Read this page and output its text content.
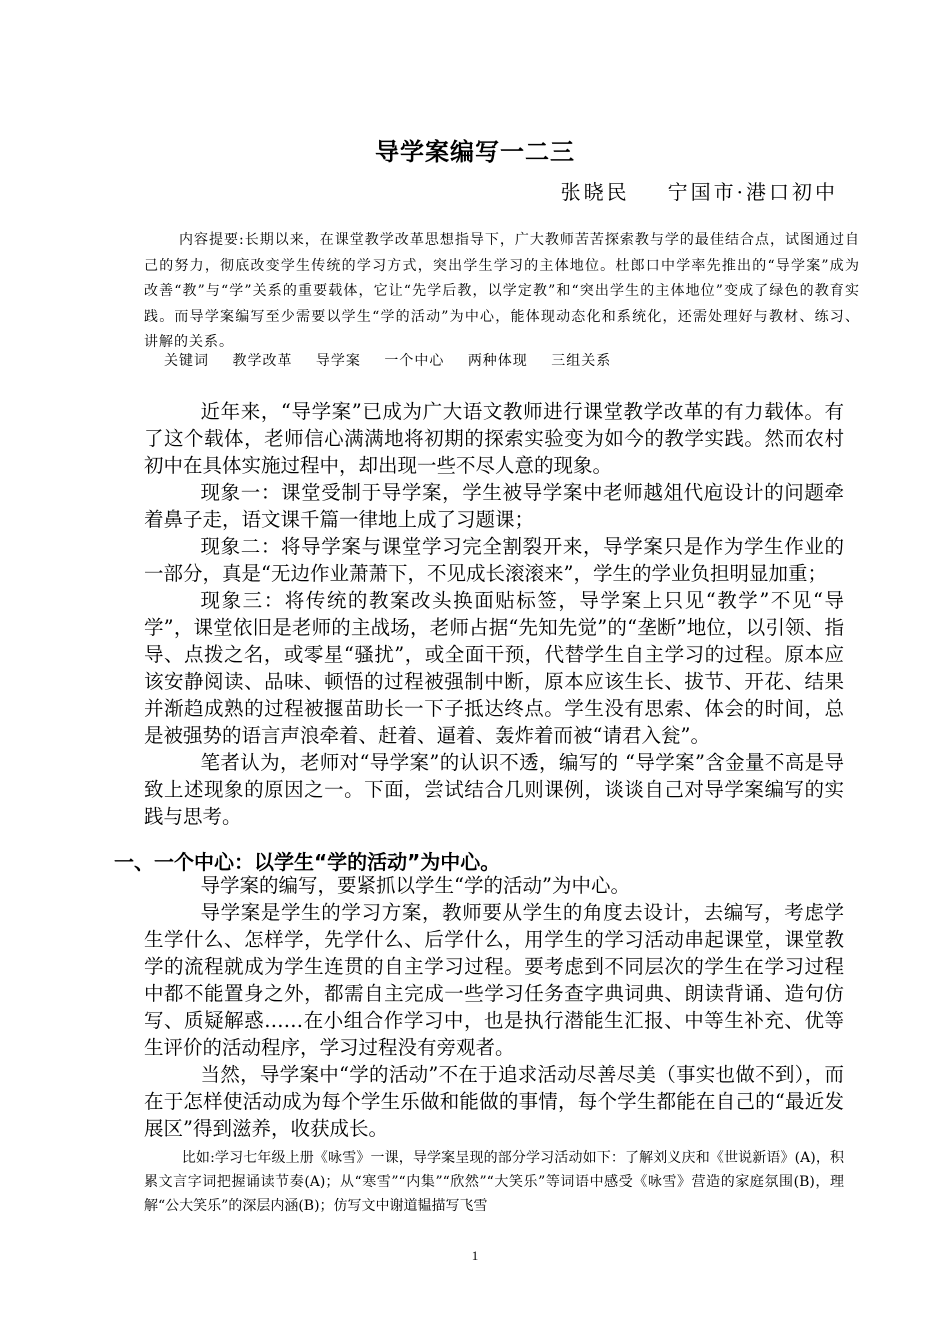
导学案编写一二三
张晓民 宁国市·港口初中

内容提要:长期以来，在课堂教学改革思想指导下，广大教师苦苦探索教与学的最佳结合点，试图通过自己的努力，彻底改变学生传统的学习方式，突出学生学习的主体地位。杜郎口中学率先推出的“导学案”成为改善“教”与“学”关系的重要载体，它让“先学后教，以学定教”和“突出学生的主体地位”变成了绿色的教育实践。而导学案编写至少需要以学生“学的活动”为中心，能体现动态化和系统化，还需处理好与教材、练习、讲解的关系。

关键词 教学改革 导学案 一个中心 两种体现 三组关系

近年来，“导学案”已成为广大语文教师进行课堂教学改革的有力载体。有了这个载体，老师信心满满地将初期的探索实验变为如今的教学实践。然而农村初中在具体实施过程中，却出现一些不尽人意的现象。

现象一：课堂受制于导学案，学生被导学案中老师越俎代庖设计的问题牵着鼻子走，语文课千篇一律地上成了习题课；

现象二：将导学案与课堂学习完全割裂开来，导学案只是作为学生作业的一部分，真是“无边作业萧萧下，不见成长滚滚来”，学生的学业负担明显加重；

现象三：将传统的教案改头换面贴标签，导学案上只见“教学”不见“导学”，课堂依旧是老师的主战场，老师占据“先知先觉”的“垄断”地位，以引领、指导、点拨之名，或零星“骚扰”，或全面干预，代替学生自主学习的过程。原本应该安静阅读、品味、顿悟的过程被强制中断，原本应该生长、拔节、开花、结果并渐趋成熟的过程被揠苗助长一下子抵达终点。学生没有思索、体会的时间，总是被强势的语言声浪牵着、赶着、逼着、轰炸着而被“请君入瓮”。

笔者认为，老师对“导学案”的认识不透，编写的 “导学案”含金量不高是导致上述现象的原因之一。下面，尝试结合几则课例，谈谈自己对导学案编写的实践与思考。

一、一个中心：以学生“学的活动”为中心。

导学案的编写，要紧抓以学生“学的活动”为中心。

导学案是学生的学习方案，教师要从学生的角度去设计，去编写，考虑学生学什么、怎样学，先学什么、后学什么，用学生的学习活动串起课堂，课堂教学的流程就成为学生连贯的自主学习过程。要考虑到不同层次的学生在学习过程中都不能置身之外，都需自主完成一些学习任务查字典词典、朗读背诵、造句仿写、质疑解惑……在小组合作学习中，也是执行潜能生汇报、中等生补充、优等生评价的活动程序，学习过程没有旁观者。

当然，导学案中“学的活动”不在于追求活动尽善尽美（事实也做不到），而在于怎样使活动成为每个学生乐做和能做的事情，每个学生都能在自己的“最近发展区”得到滋养，收获成长。

比如:学习七年级上册《咏雪》一课，导学案呈现的部分学习活动如下：了解刘义庆和《世说新语》(A)，积累文言字词把握诵读节奏(A)；从“寒雪”“内集”“欣然”“大笑乐”等词语中感受《咏雪》营造的家庭氛围(B)，理解“公大笑乐”的深层内涵(B)；仿写文中谢道韫描写飞雪
1
